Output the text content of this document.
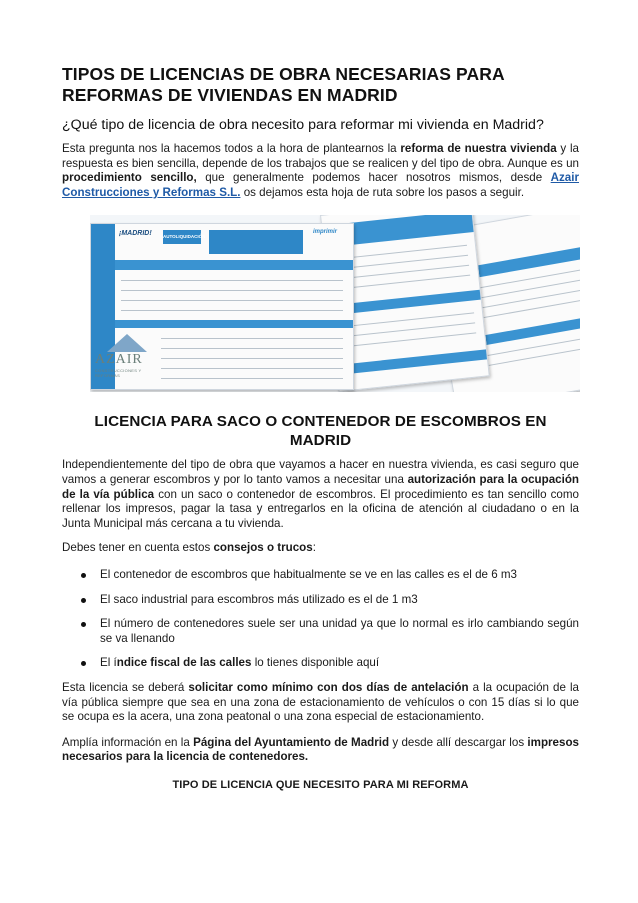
TIPOS DE LICENCIAS DE OBRA NECESARIAS PARA REFORMAS DE VIVIENDAS EN MADRID
¿Qué tipo de licencia de obra necesito para reformar mi vivienda en Madrid?

Esta pregunta nos la hacemos todos a la hora de plantearnos la reforma de nuestra vivienda y la respuesta es bien sencilla, depende de los trabajos que se realicen y del tipo de obra. Aunque es un procedimiento sencillo, que generalmente podemos hacer nosotros mismos, desde Azair Construcciones y Reformas S.L. os dejamos esta hoja de ruta sobre los pasos a seguir.

¡MADRID!	AUTOLIQUIDACIÓN
imprimir
AZAIR
CONSTRUCCIONES Y REFORMAS
LICENCIA PARA SACO O CONTENEDOR DE ESCOMBROS EN MADRID

Independientemente del tipo de obra que vayamos a hacer en nuestra vivienda, es casi seguro que vamos a generar escombros y por lo tanto vamos a necesitar una autorización para la ocupación de la vía pública con un saco o contenedor de escombros. El procedimiento es tan sencillo como rellenar los impresos, pagar la tasa y entregarlos en la oficina de atención al ciudadano o en la Junta Municipal más cercana a tu vivienda.

Debes tener en cuenta estos consejos o trucos:

El contenedor de escombros que habitualmente se ve en las calles es el de 6 m3
El saco industrial para escombros más utilizado es el de 1 m3
El número de contenedores suele ser una unidad ya que lo normal es irlo cambiando según se va llenando
El índice fiscal de las calles lo tienes disponible aquí

Esta licencia se deberá solicitar como mínimo con dos días de antelación a la ocupación de la vía pública siempre que sea en una zona de estacionamiento de vehículos o con 15 días si lo que se ocupa es la acera, una zona peatonal o una zona especial de estacionamiento.

Amplía información en la Página del Ayuntamiento de Madrid y desde allí descargar los impresos necesarios para la licencia de contenedores.

TIPO DE LICENCIA QUE NECESITO PARA MI REFORMA
